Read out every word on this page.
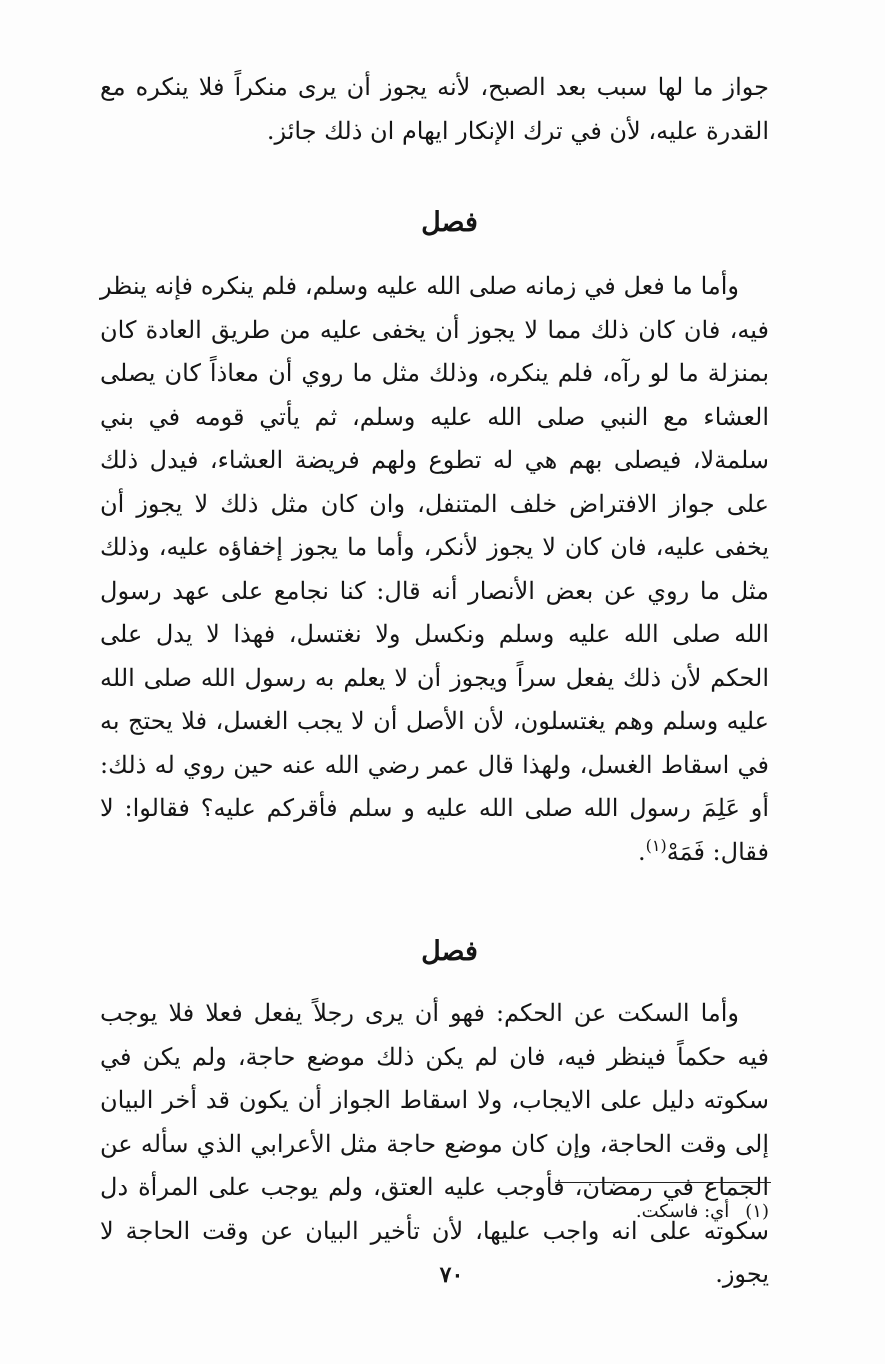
جواز ما لها سبب بعد الصبح، لأنه يجوز أن يرى منكراً فلا ينكره مع القدرة عليه، لأن في ترك الإنكار ايهام ان ذلك جائز.

فصل

وأما ما فعل في زمانه صلى الله عليه وسلم، فلم ينكره فإنه ينظر فيه، فان كان ذلك مما لا يجوز أن يخفى عليه من طريق العادة كان بمنزلة ما لو رآه، فلم ينكره، وذلك مثل ما روي أن معاذاً كان يصلى العشاء مع النبي صلى الله عليه وسلم، ثم يأتي قومه في بني سلمةلا، فيصلى بهم هي له تطوع ولهم فريضة العشاء، فيدل ذلك على جواز الافتراض خلف المتنفل، وان كان مثل ذلك لا يجوز أن يخفى عليه، فان كان لا يجوز لأنكر، وأما ما يجوز إخفاؤه عليه، وذلك مثل ما روي عن بعض الأنصار أنه قال: كنا نجامع على عهد رسول الله صلى الله عليه وسلم ونكسل ولا نغتسل، فهذا لا يدل على الحكم لأن ذلك يفعل سراً ويجوز أن لا يعلم به رسول الله صلى الله عليه وسلم وهم يغتسلون، لأن الأصل أن لا يجب الغسل، فلا يحتج به في اسقاط الغسل، ولهذا قال عمر رضي الله عنه حين روي له ذلك: أو عَلِمَ رسول الله صلى الله عليه و سلم فأقركم عليه؟ فقالوا: لا فقال: فَمَهْ$^{(١)}$.

فصل

وأما السكت عن الحكم: فهو أن يرى رجلاً يفعل فعلا فلا يوجب فيه حكماً فينظر فيه، فان لم يكن ذلك موضع حاجة، ولم يكن في سكوته دليل على الايجاب، ولا اسقاط الجواز أن يكون قد أخر البيان إلى وقت الحاجة، وإن كان موضع حاجة مثل الأعرابي الذي سأله عن الجماع في رمضان، فأوجب عليه العتق، ولم يوجب على المرأة دل سكوته على انه واجب عليها، لأن تأخير البيان عن وقت الحاجة لا يجوز.

(١)
أي: فاسكت.
٧٠
